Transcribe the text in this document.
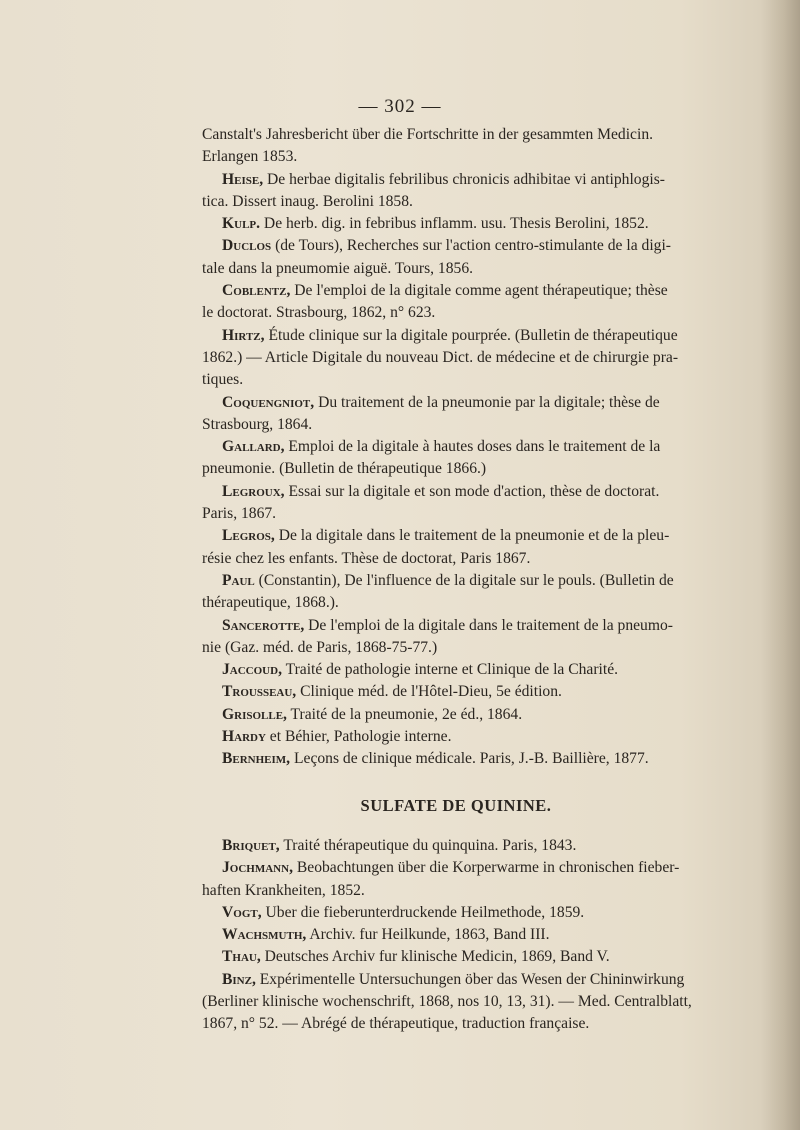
— 302 —
Canstalt's Jahresbericht über die Fortschritte in der gesammten Medicin.
Erlangen 1853.
Heise, De herbae digitalis febrilibus chronicis adhibitae vi antiphlogis-
tica. Dissert inaug. Berolini 1858.
Kulp. De herb. dig. in febribus inflamm. usu. Thesis Berolini, 1852.
Duclos (de Tours), Recherches sur l'action centro-stimulante de la digi-
tale dans la pneumomie aiguë. Tours, 1856.
Coblentz, De l'emploi de la digitale comme agent thérapeutique; thèse
le doctorat. Strasbourg, 1862, n° 623.
Hirtz, Étude clinique sur la digitale pourprée. (Bulletin de thérapeutique
1862.) — Article Digitale du nouveau Dict. de médecine et de chirurgie pra-
tiques.
Coquengniot, Du traitement de la pneumonie par la digitale; thèse de
Strasbourg, 1864.
Gallard, Emploi de la digitale à hautes doses dans le traitement de la
pneumonie. (Bulletin de thérapeutique 1866.)
Legroux, Essai sur la digitale et son mode d'action, thèse de doctorat.
Paris, 1867.
Legros, De la digitale dans le traitement de la pneumonie et de la pleu-
résie chez les enfants. Thèse de doctorat, Paris 1867.
Paul (Constantin), De l'influence de la digitale sur le pouls. (Bulletin de
thérapeutique, 1868.).
Sancerotte, De l'emploi de la digitale dans le traitement de la pneumo-
nie (Gaz. méd. de Paris, 1868-75-77.)
Jaccoud, Traité de pathologie interne et Clinique de la Charité.
Trousseau, Clinique méd. de l'Hôtel-Dieu, 5e édition.
Grisolle, Traité de la pneumonie, 2e éd., 1864.
Hardy et Béhier, Pathologie interne.
Bernheim, Leçons de clinique médicale. Paris, J.-B. Baillière, 1877.
SULFATE DE QUININE.
Briquet, Traité thérapeutique du quinquina. Paris, 1843.
Jochmann, Beobachtungen über die Korperwarme in chronischen fieber-
haften Krankheiten, 1852.
Vogt, Uber die fieberunterdruckende Heilmethode, 1859.
Wachsmuth, Archiv. fur Heilkunde, 1863, Band III.
Thau, Deutsches Archiv fur klinische Medicin, 1869, Band V.
Binz, Expérimentelle Untersuchungen öber das Wesen der Chininwirkung
(Berliner klinische wochenschrift, 1868, nos 10, 13, 31). — Med. Centralblatt,
1867, n° 52. — Abrégé de thérapeutique, traduction française.
